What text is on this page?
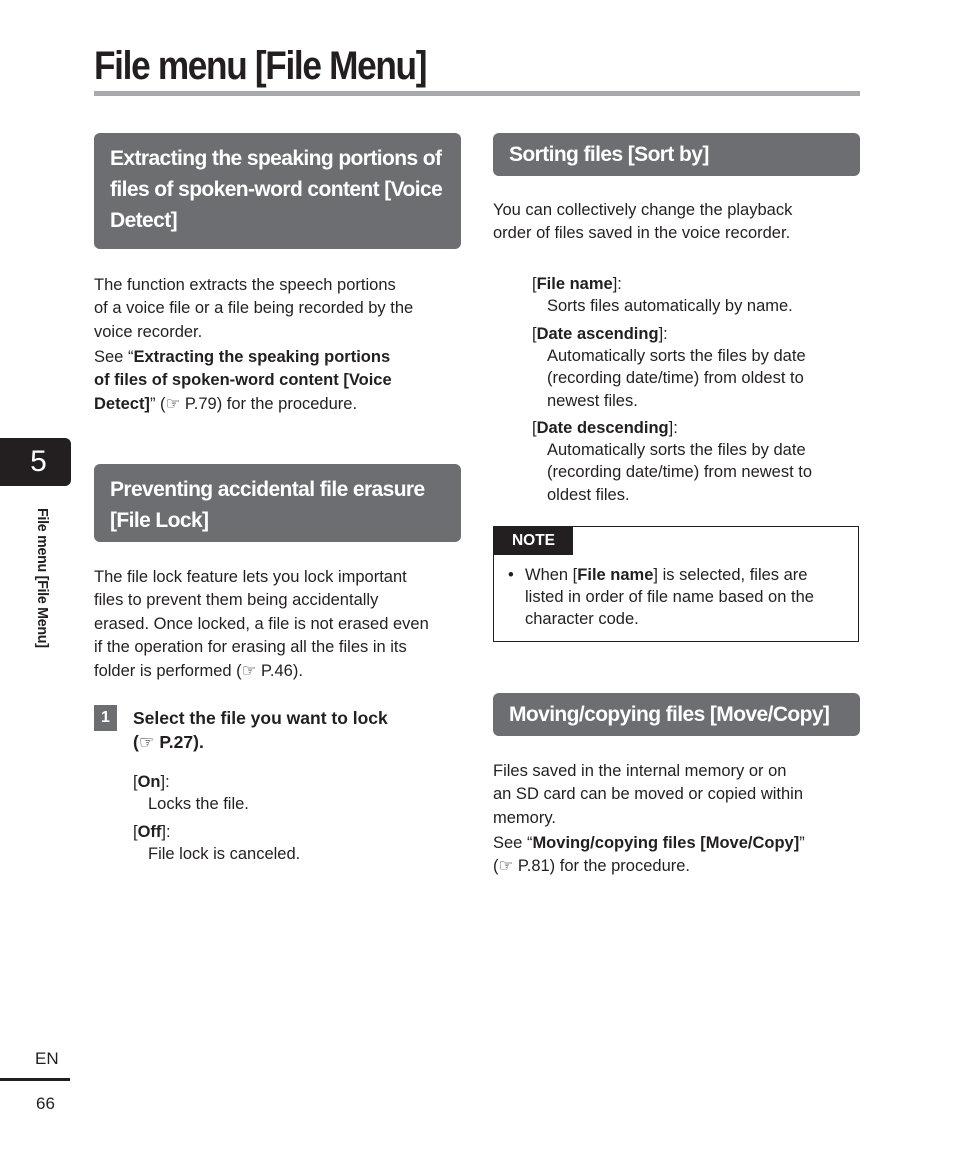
File menu [File Menu]
Extracting the speaking portions of
files of spoken-word content [Voice
Detect]
The function extracts the speech portions
of a voice file or a file being recorded by the
voice recorder.
See “Extracting the speaking portions
of files of spoken-word content [Voice
Detect]” (☞ P.79) for the procedure.
Preventing accidental file erasure
[File Lock]
The file lock feature lets you lock important
files to prevent them being accidentally
erased. Once locked, a file is not erased even
if the operation for erasing all the files in its
folder is performed (☞ P.46).
1	Select the file you want to lock
(☞ P.27).
[On]:
Locks the file.
[Off]:
File lock is canceled.
Sorting files [Sort by]
You can collectively change the playback
order of files saved in the voice recorder.
[File name]:
Sorts files automatically by name.
[Date ascending]:
Automatically sorts the files by date
(recording date/time) from oldest to
newest files.
[Date descending]:
Automatically sorts the files by date
(recording date/time) from newest to
oldest files.
NOTE
• When [File name] is selected, files are
listed in order of file name based on the
character code.
Moving/copying files [Move/Copy]
Files saved in the internal memory or on
an SD card can be moved or copied within
memory.
See “Moving/copying files [Move/Copy]”
(☞ P.81) for the procedure.
5
File menu [File Menu]
EN
66
